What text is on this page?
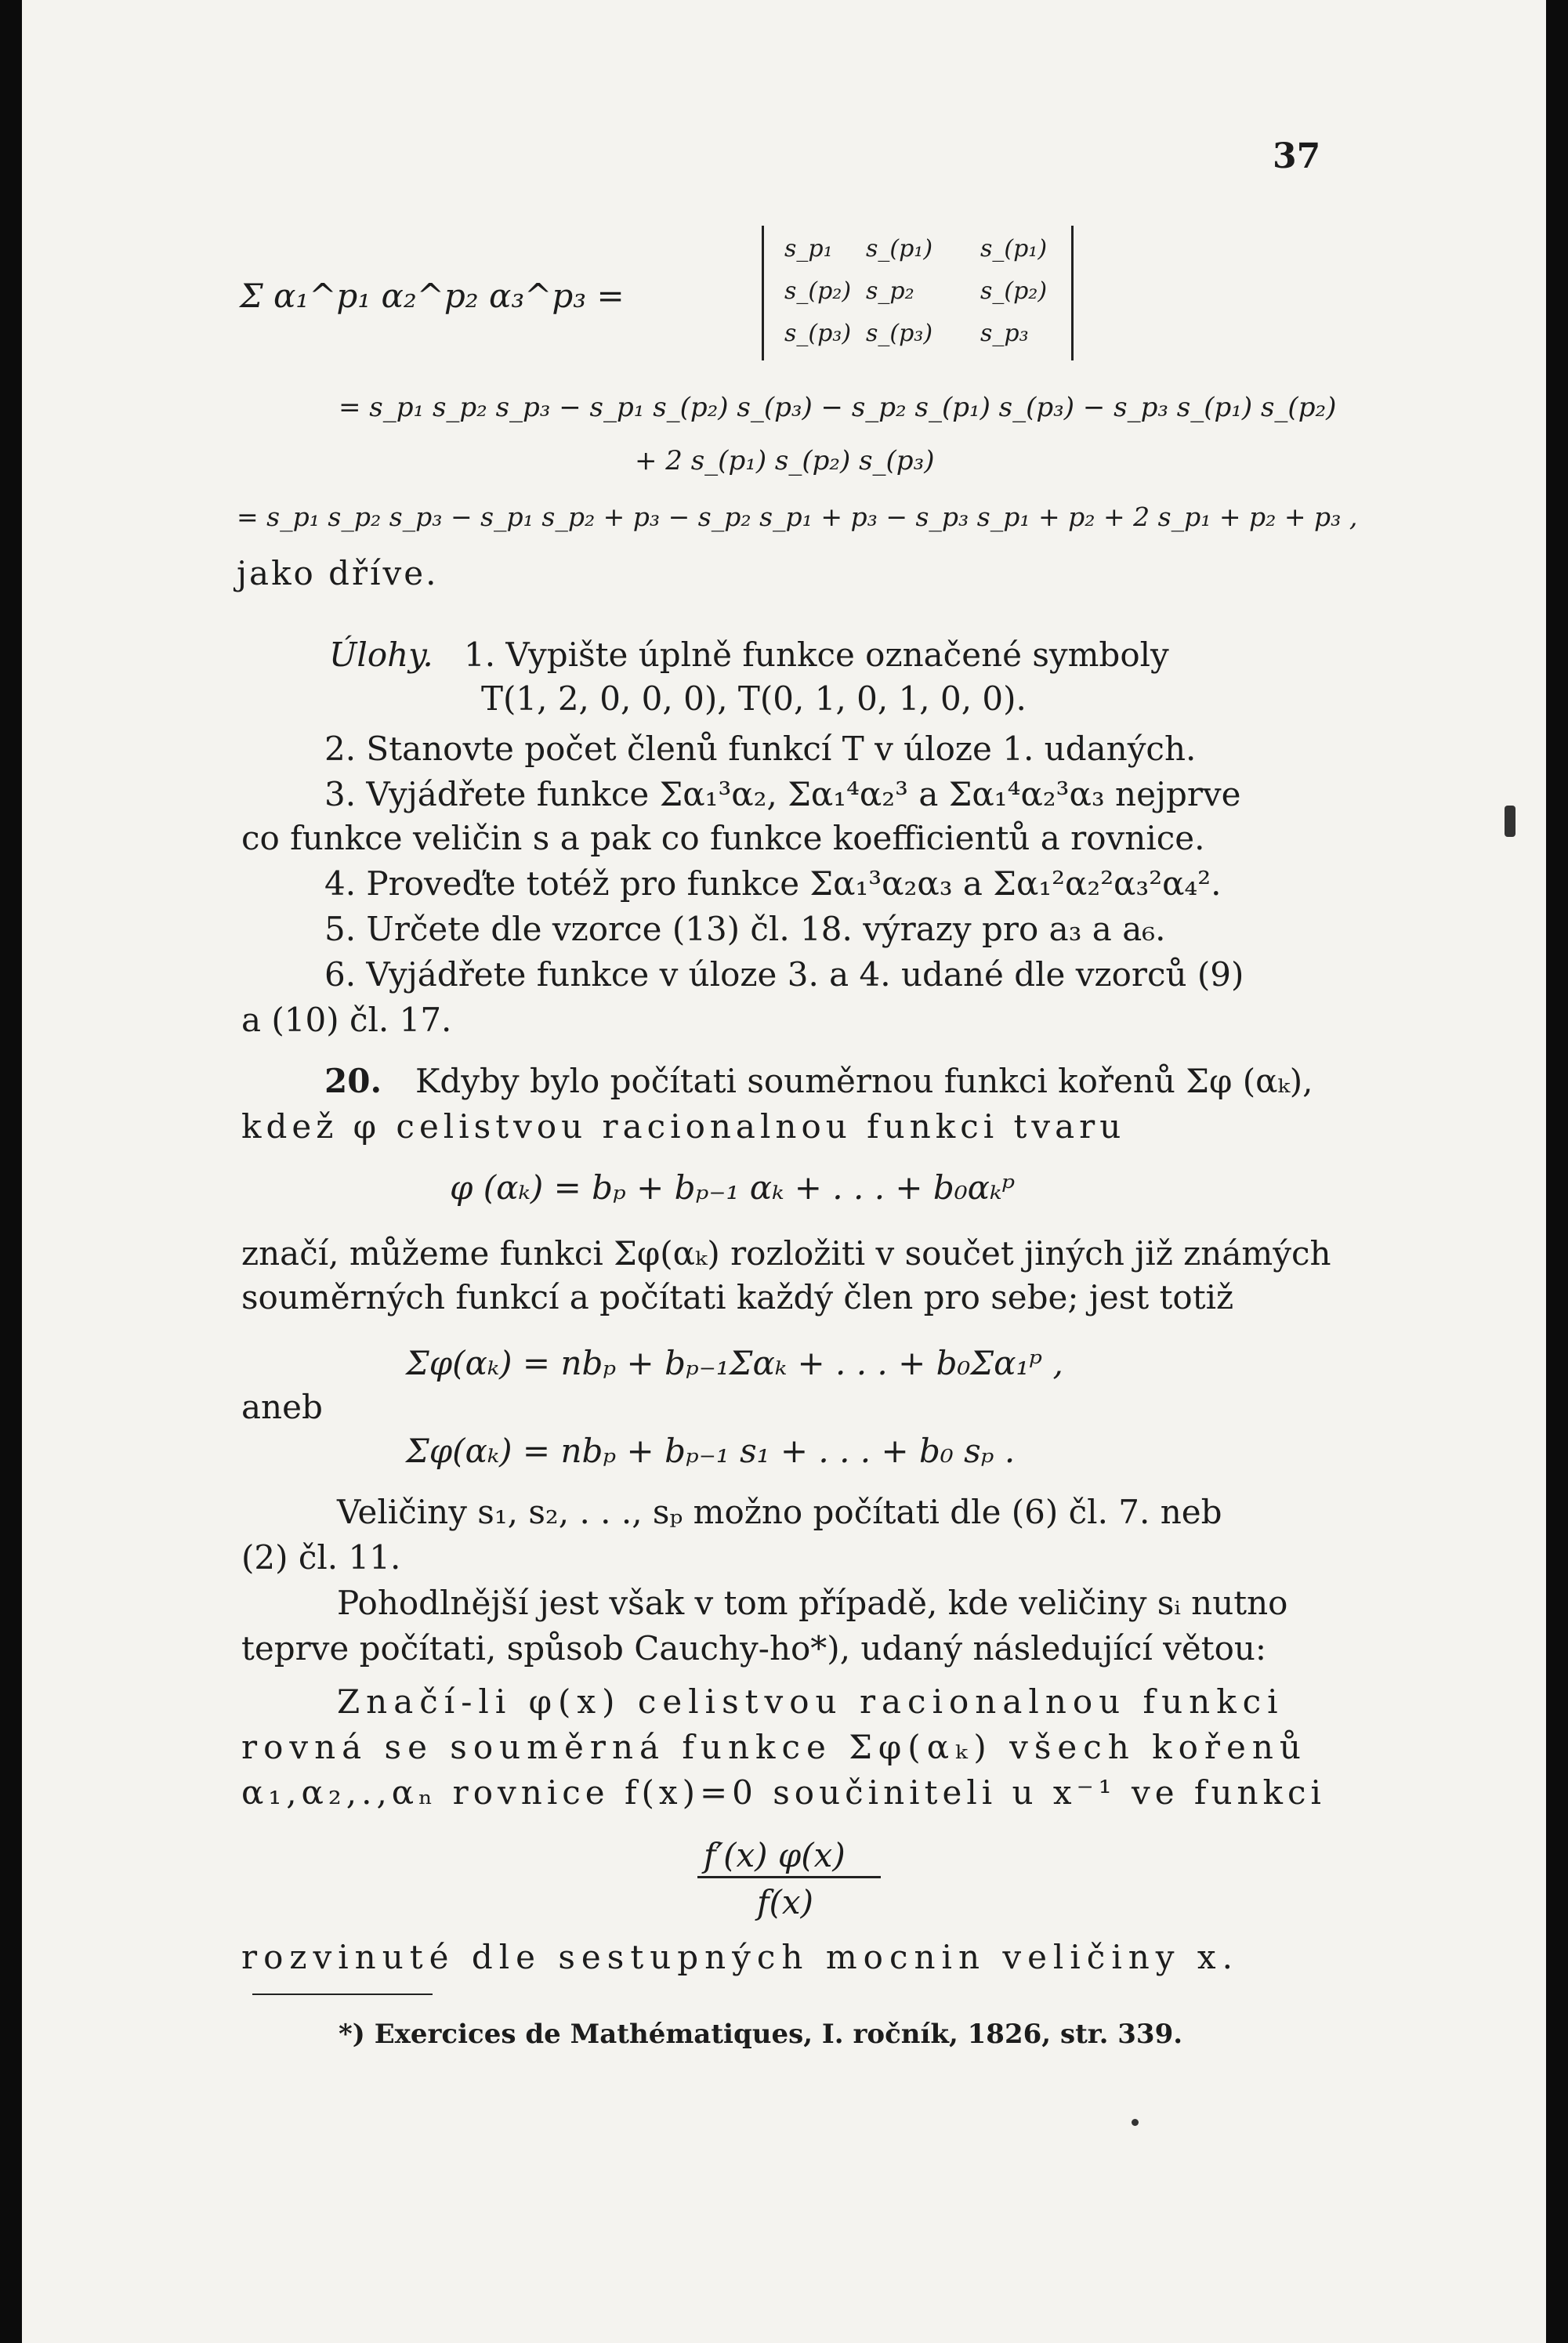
37
Σ α₁^p₁ α₂^p₂ α₃^p₃ =
s_p₁ s_(p₁) s_(p₁)
s_(p₂) s_p₂	s_(p₂)
s_(p₃) s_(p₃) s_p₃
= s_p₁ s_p₂ s_p₃ − s_p₁ s_(p₂) s_(p₃) − s_p₂ s_(p₁) s_(p₃) − s_p₃ s_(p₁) s_(p₂)
+ 2 s_(p₁) s_(p₂) s_(p₃)
= s_p₁ s_p₂ s_p₃ − s_p₁ s_p₂ + p₃ − s_p₂ s_p₁ + p₃ − s_p₃ s_p₁ + p₂ + 2 s_p₁ + p₂ + p₃ ,
jako dříve.
Úlohy. 1. Vypište úplně funkce označené symboly
T(1, 2, 0, 0, 0), T(0, 1, 0, 1, 0, 0).
2. Stanovte počet členů funkcí T v úloze 1. udaných.
3. Vyjádřete funkce Σα₁³α₂, Σα₁⁴α₂³ a Σα₁⁴α₂³α₃ nejprve
co funkce veličin s a pak co funkce koefficientů a rovnice.
4. Proveďte totéž pro funkce Σα₁³α₂α₃ a Σα₁²α₂²α₃²α₄².
5. Určete dle vzorce (13) čl. 18. výrazy pro a₃ a a₆.
6. Vyjádřete funkce v úloze 3. a 4. udané dle vzorců (9)
a (10) čl. 17.
20. Kdyby bylo počítati souměrnou funkci kořenů Σφ (αₖ),
kdež φ celistvou racionalnou funkci tvaru
φ (αₖ) = bₚ + bₚ₋₁ αₖ + . . . + b₀αₖᵖ
značí, můžeme funkci Σφ(αₖ) rozložiti v součet jiných již známých
souměrných funkcí a počítati každý člen pro sebe; jest totiž
Σφ(αₖ) = nbₚ + bₚ₋₁Σαₖ + . . . + b₀Σα₁ᵖ ,
aneb
Σφ(αₖ) = nbₚ + bₚ₋₁ s₁ + . . . + b₀ sₚ .
Veličiny s₁, s₂, . . ., sₚ možno počítati dle (6) čl. 7. neb
(2) čl. 11.
Pohodlnější jest však v tom případě, kde veličiny sᵢ nutno
teprve počítati, spůsob Cauchy-ho*), udaný následující větou:
Značí-li φ(x) celistvou racionalnou funkci
rovná se souměrná funkce Σφ(αₖ) všech kořenů
α₁,α₂,.,αₙ rovnice f(x)=0 součiniteli u x⁻¹ ve funkci
f′(x) φ(x)
f(x)
rozvinuté dle sestupných mocnin veličiny x.
*) Exercices de Mathématiques, I. ročník, 1826, str. 339.
